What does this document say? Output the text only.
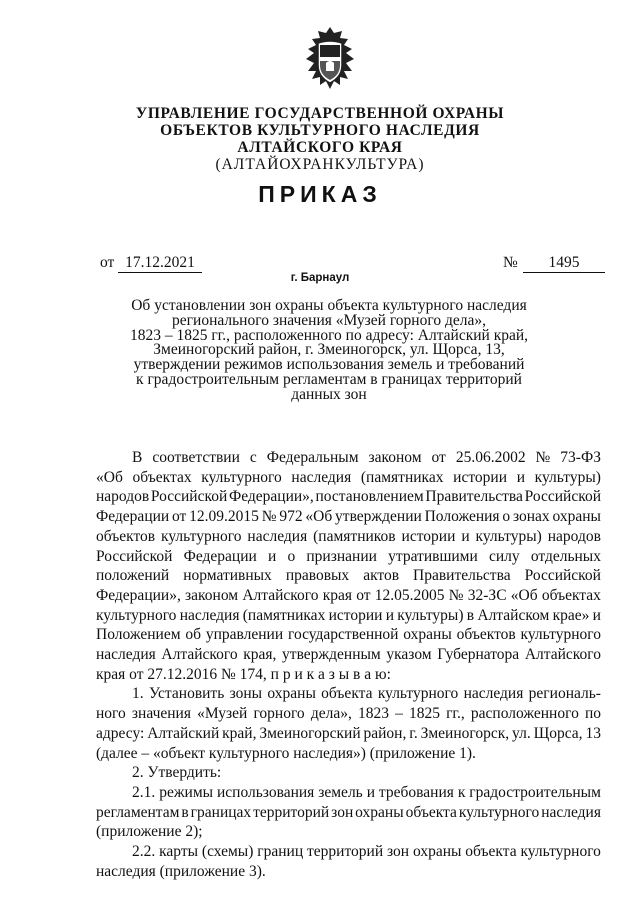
УПРАВЛЕНИЕ ГОСУДАРСТВЕННОЙ ОХРАНЫ
ОБЪЕКТОВ КУЛЬТУРНОГО НАСЛЕДИЯ
АЛТАЙСКОГО КРАЯ
(АЛТАЙОХРАНКУЛЬТУРА)
ПРИКАЗ
от 17.12.2021	№	1495
г. Барнаул
Об установлении зон охраны объекта культурного наследия
регионального значения «Музей горного дела»,
1823 – 1825 гг., расположенного по адресу: Алтайский край,
Змеиногорский район, г. Змеиногорск, ул. Щорса, 13,
утверждении режимов использования земель и требований
к градостроительным регламентам в границах территорий
данных зон
В соответствии с Федеральным законом от 25.06.2002 № 73-ФЗ
«Об объектах культурного наследия (памятниках истории и культуры)
народов Российской Федерации», постановлением Правительства Российской
Федерации от 12.09.2015 № 972 «Об утверждении Положения о зонах охраны
объектов культурного наследия (памятников истории и культуры) народов
Российской Федерации и о признании утратившими силу отдельных
положений нормативных правовых актов Правительства Российской
Федерации», законом Алтайского края от 12.05.2005 № 32-ЗС «Об объектах
культурного наследия (памятниках истории и культуры) в Алтайском крае» и
Положением об управлении государственной охраны объектов культурного
наследия Алтайского края, утвержденным указом Губернатора Алтайского
края от 27.12.2016 № 174, п р и к а з ы в а ю:
1. Установить зоны охраны объекта культурного наследия региональ-
ного значения «Музей горного дела», 1823 – 1825 гг., расположенного по
адресу: Алтайский край, Змеиногорский район, г. Змеиногорск, ул. Щорса, 13
(далее – «объект культурного наследия») (приложение 1).
2. Утвердить:
2.1. режимы использования земель и требования к градостроительным
регламентам в границах территорий зон охраны объекта культурного наследия
(приложение 2);
2.2. карты (схемы) границ территорий зон охраны объекта культурного
наследия (приложение 3).
